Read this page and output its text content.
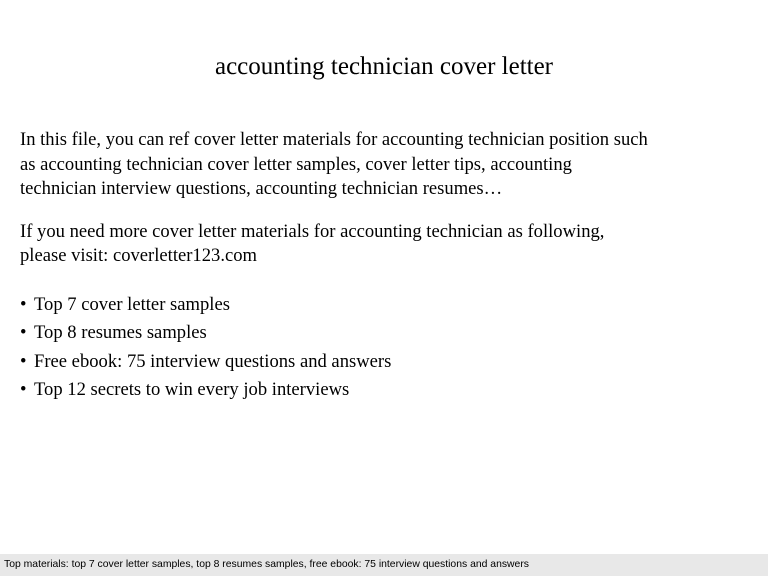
accounting technician cover letter

In this file, you can ref cover letter materials for accounting technician position such
as accounting technician cover letter samples, cover letter tips, accounting
technician interview questions, accounting technician resumes…

If you need more cover letter materials for accounting technician as following,
please visit: coverletter123.com

• Top 7 cover letter samples
• Top 8 resumes samples
• Free ebook: 75 interview questions and answers
• Top 12 secrets to win every job interviews
Top materials: top 7 cover letter samples, top 8 resumes samples, free ebook: 75 interview questions and answers
